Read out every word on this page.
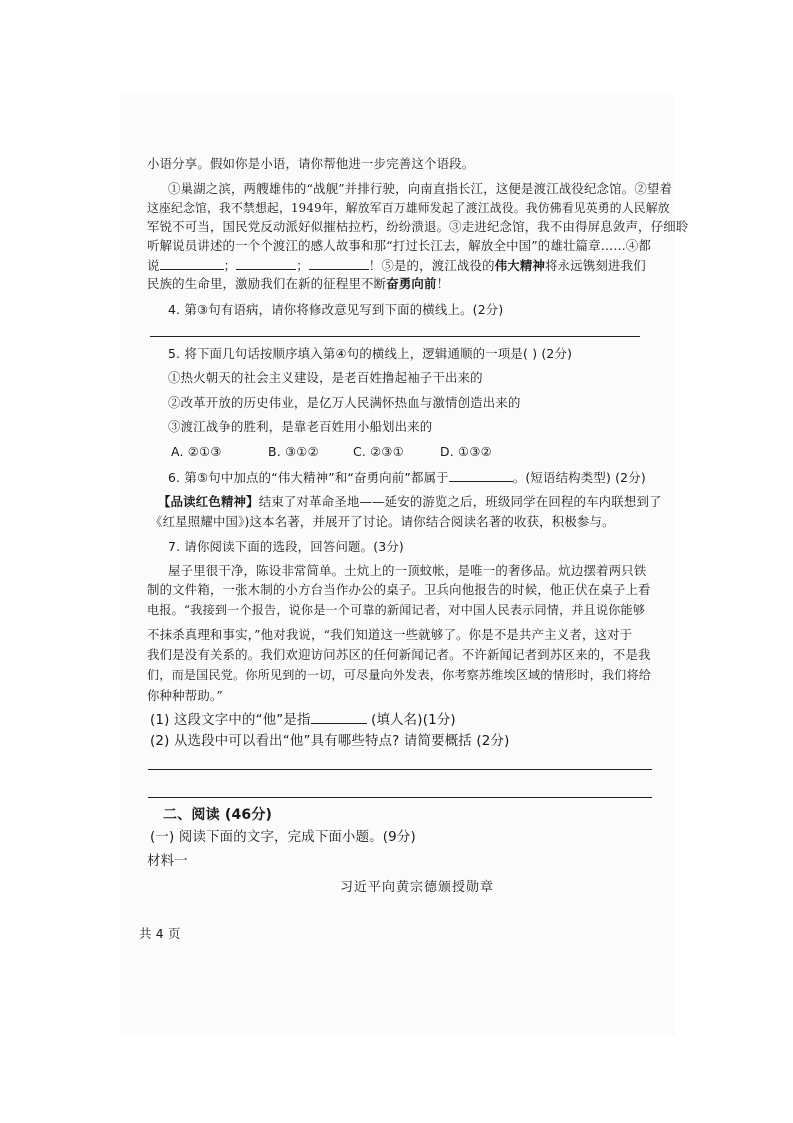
小语分享。假如你是小语，请你帮他进一步完善这个语段。
①巢湖之滨，两艘雄伟的“战舰”并排行驶，向南直指长江，这便是渡江战役纪念馆。②望着
这座纪念馆，我不禁想起，1949年，解放军百万雄师发起了渡江战役。我仿佛看见英勇的人民解放
军锐不可当，国民党反动派好似摧枯拉朽，纷纷溃退。③走进纪念馆，我不由得屏息敛声，仔细聆
听解说员讲述的一个个渡江的感人故事和那“打过长江去，解放全中国”的雄壮篇章……④都
说	；	；	！⑤是的，渡江战役的伟大精神将永远镌刻进我们
民族的生命里，激励我们在新的征程里不断奋勇向前！
4. 第③句有语病，请你将修改意见写到下面的横线上。(2分)
5. 将下面几句话按顺序填入第④句的横线上，逻辑通顺的一项是( ) (2分)
①热火朝天的社会主义建设，是老百姓撸起袖子干出来的
②改革开放的历史伟业，是亿万人民满怀热血与激情创造出来的
③渡江战争的胜利，是靠老百姓用小船划出来的
A. ②①③	B. ③①②	C. ②③①	D. ①③②
6. 第⑤句中加点的“伟大精神”和“奋勇向前”都属于	。(短语结构类型) (2分)
【品读红色精神】结束了对革命圣地——延安的游览之后，班级同学在回程的车内联想到了
《红星照耀中国》)这本名著，并展开了讨论。请你结合阅读名著的收获，积极参与。
7. 请你阅读下面的选段，回答问题。(3分)
屋子里很干净，陈设非常简单。土炕上的一顶蚊帐，是唯一的奢侈品。炕边摆着两只铁
制的文件箱，一张木制的小方台当作办公的桌子。卫兵向他报告的时候，他正伏在桌子上看
电报。“我接到一个报告，说你是一个可靠的新闻记者，对中国人民表示同情，并且说你能够
不抹杀真理和事实，”他对我说，“我们知道这一些就够了。你是不是共产主义者，这对于
我们是没有关系的。我们欢迎访问苏区的任何新闻记者。不许新闻记者到苏区来的，不是我
们，而是国民党。你所见到的一切，可尽量向外发表，你考察苏维埃区域的情形时，我们将给
你种种帮助。”
(1) 这段文字中的“他”是指	(填人名)(1分)
(2) 从选段中可以看出“他”具有哪些特点? 请简要概括 (2分)
二、阅读 (46分)
(一) 阅读下面的文字，完成下面小题。(9分)
材料一
习近平向黄宗德颁授勋章
共 4 页
